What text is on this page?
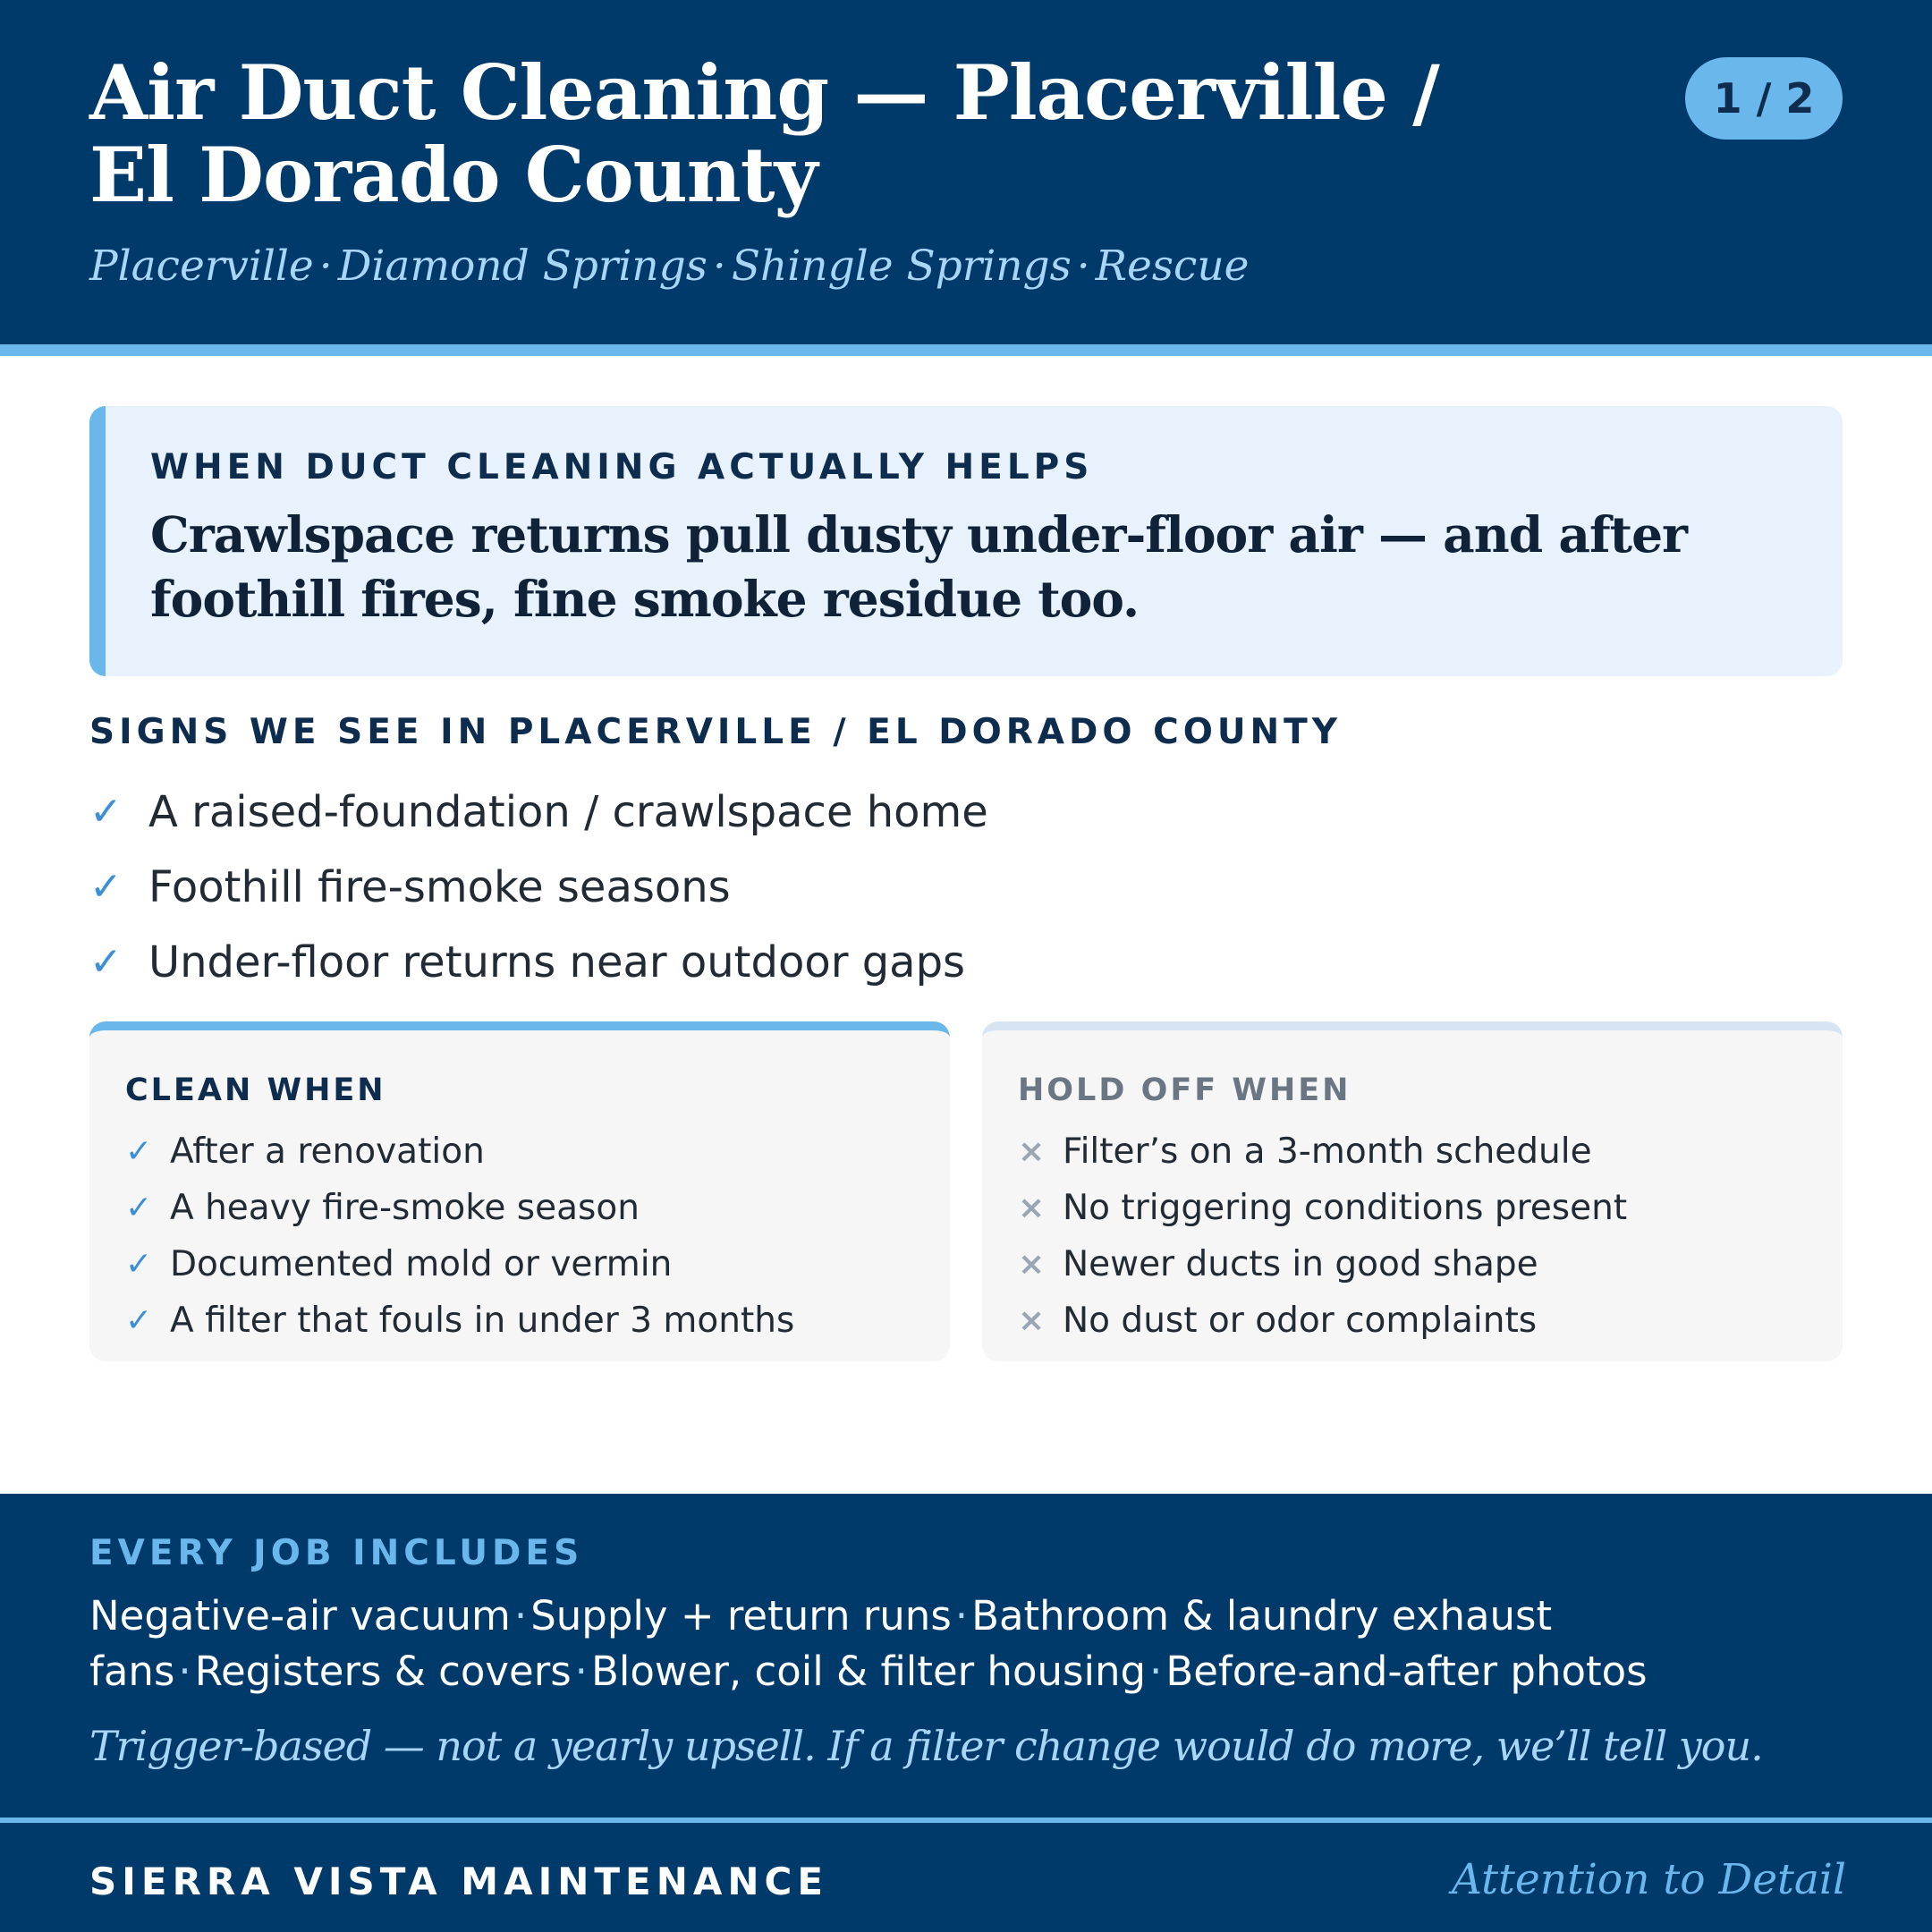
Air Duct Cleaning — Placerville / El Dorado County
1 / 2
Placerville · Diamond Springs · Shingle Springs · Rescue
WHEN DUCT CLEANING ACTUALLY HELPS
Crawlspace returns pull dusty under-floor air — and after foothill fires, fine smoke residue too.
SIGNS WE SEE IN PLACERVILLE / EL DORADO COUNTY
✓ A raised-foundation / crawlspace home
✓ Foothill fire-smoke seasons
✓ Under-floor returns near outdoor gaps
CLEAN WHEN
✓ After a renovation
✓ A heavy fire-smoke season
✓ Documented mold or vermin
✓ A filter that fouls in under 3 months
HOLD OFF WHEN
× Filter’s on a 3-month schedule
× No triggering conditions present
× Newer ducts in good shape
× No dust or odor complaints
EVERY JOB INCLUDES
Negative-air vacuum·Supply + return runs·Bathroom & laundry exhaust fans·Registers & covers·Blower, coil & filter housing·Before-and-after photos
Trigger-based — not a yearly upsell. If a filter change would do more, we’ll tell you.
SIERRA VISTA MAINTENANCE	Attention to Detail
